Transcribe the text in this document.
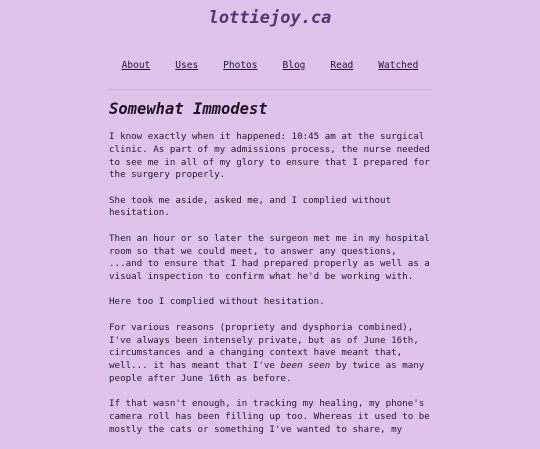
lottiejoy.ca
About	Uses	Photos	Blog	Read	Watched
Somewhat Immodest

I know exactly when it happened: 10:45 am at the surgical clinic. As part of my admissions process, the nurse needed to see me in all of my glory to ensure that I prepared for the surgery properly.

She took me aside, asked me, and I complied without hesitation.

Then an hour or so later the surgeon met me in my hospital room so that we could meet, to answer any questions, ...and to ensure that I had prepared properly as well as a visual inspection to confirm what he'd be working with.

Here too I complied without hesitation.

For various reasons (propriety and dysphoria combined), I've always been intensely private, but as of June 16th, circumstances and a changing context have meant that, well... it has meant that I've been seen by twice as many people after June 16th as before.

If that wasn't enough, in tracking my healing, my phone's camera roll has been filling up too. Whereas it used to be mostly the cats or something I've wanted to share, my
